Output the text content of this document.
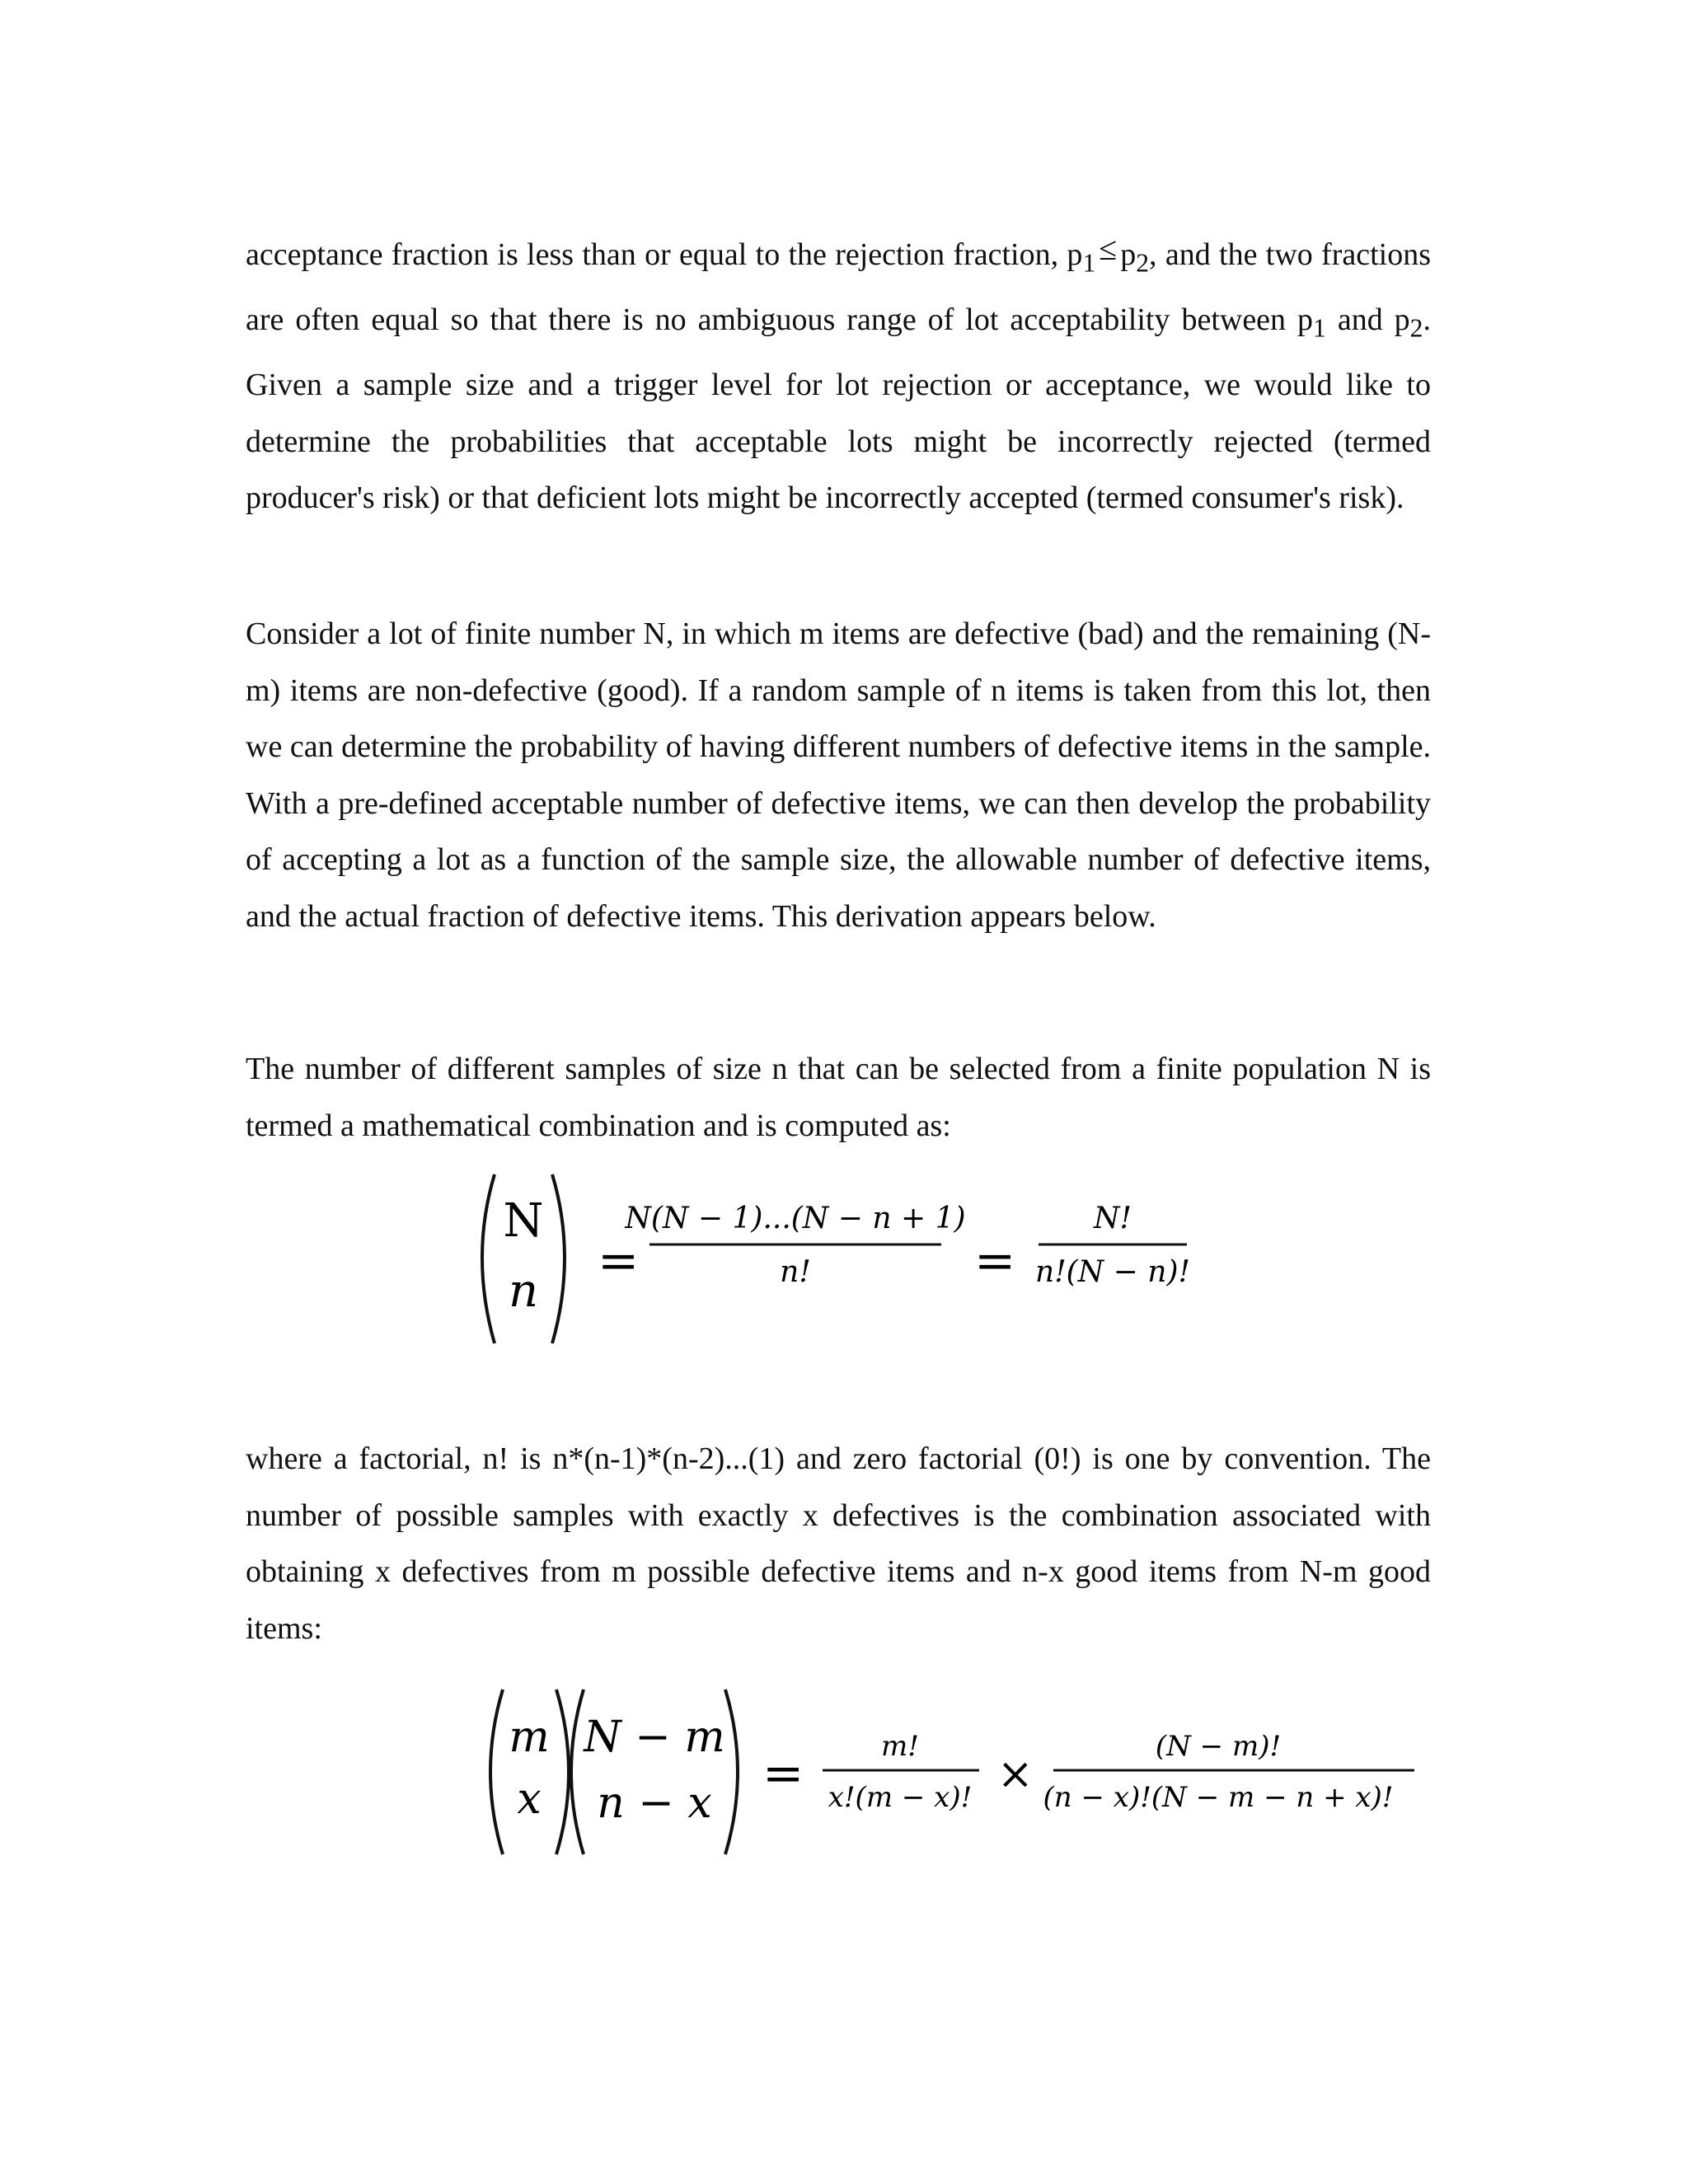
acceptance fraction is less than or equal to the rejection fraction, $p_1 \le p_2$, and the two fractions are often equal so that there is no ambiguous range of lot acceptability between $p_1$ and $p_2$. Given a sample size and a trigger level for lot rejection or acceptance, we would like to determine the probabilities that acceptable lots might be incorrectly rejected (termed producer's risk) or that deficient lots might be incorrectly accepted (termed consumer's risk).

Consider a lot of finite number N, in which m items are defective (bad) and the remaining (N-m) items are non-defective (good). If a random sample of n items is taken from this lot, then we can determine the probability of having different numbers of defective items in the sample. With a pre-defined acceptable number of defective items, we can then develop the probability of accepting a lot as a function of the sample size, the allowable number of defective items, and the actual fraction of defective items. This derivation appears below.

The number of different samples of size n that can be selected from a finite population N is termed a mathematical combination and is computed as:

N
n
=
N(N − 1)...(N − n + 1)
n!	=
N!
n!(N − n)!

where a factorial, n! is n*(n-1)*(n-2)...(1) and zero factorial (0!) is one by convention. The number of possible samples with exactly x defectives is the combination associated with obtaining x defectives from m possible defective items and n-x good items from N-m good items:

m
x
N − m
n − x
=	m!
x!(m − x)! ×
(N − m)!
(n − x)!(N − m − n + x)!
